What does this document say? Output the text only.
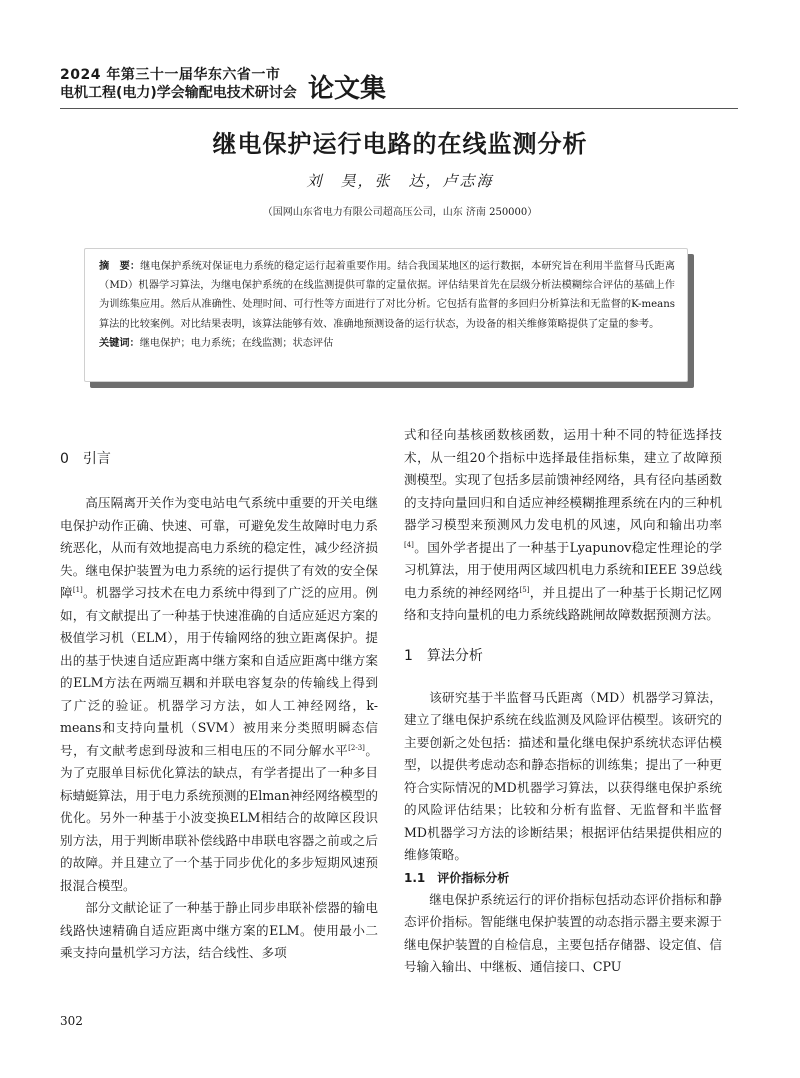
2024 年第三十一届华东六省一市
电机工程(电力)学会输配电技术研讨会 论文集
继电保护运行电路的在线监测分析
刘　昊，张　达，卢志海
（国网山东省电力有限公司超高压公司，山东 济南 250000）

摘　要：继电保护系统对保证电力系统的稳定运行起着重要作用。结合我国某地区的运行数据，本研究旨在利用半监督马氏距离（MD）机器学习算法，为继电保护系统的在线监测提供可靠的定量依据。评估结果首先在层级分析法模糊综合评估的基础上作为训练集应用。然后从准确性、处理时间、可行性等方面进行了对比分析。它包括有监督的多回归分析算法和无监督的K-means算法的比较案例。对比结果表明，该算法能够有效、准确地预测设备的运行状态，为设备的相关维修策略提供了定量的参考。

关键词：继电保护；电力系统；在线监测；状态评估

0　引言

高压隔离开关作为变电站电气系统中重要的开关电继电保护动作正确、快速、可靠，可避免发生故障时电力系统恶化，从而有效地提高电力系统的稳定性，减少经济损失。继电保护装置为电力系统的运行提供了有效的安全保障[1]。机器学习技术在电力系统中得到了广泛的应用。例如，有文献提出了一种基于快速准确的自适应延迟方案的极值学习机（ELM），用于传输网络的独立距离保护。提出的基于快速自适应距离中继方案和自适应距离中继方案的ELM方法在两端互耦和并联电容复杂的传输线上得到了广泛的验证。机器学习方法，如人工神经网络，k-means和支持向量机（SVM）被用来分类照明瞬态信号，有文献考虑到母波和三相电压的不同分解水平[2-3]。为了克服单目标优化算法的缺点，有学者提出了一种多目标蜻蜓算法，用于电力系统预测的Elman神经网络模型的优化。另外一种基于小波变换ELM相结合的故障区段识别方法，用于判断串联补偿线路中串联电容器之前或之后的故障。并且建立了一个基于同步优化的多步短期风速预报混合模型。

部分文献论证了一种基于静止同步串联补偿器的输电线路快速精确自适应距离中继方案的ELM。使用最小二乘支持向量机学习方法，结合线性、多项

式和径向基核函数核函数，运用十种不同的特征选择技术，从一组20个指标中选择最佳指标集，建立了故障预测模型。实现了包括多层前馈神经网络，具有径向基函数的支持向量回归和自适应神经模糊推理系统在内的三种机器学习模型来预测风力发电机的风速，风向和输出功率[4]。国外学者提出了一种基于Lyapunov稳定性理论的学习机算法，用于使用两区域四机电力系统和IEEE 39总线电力系统的神经网络[5]，并且提出了一种基于长期记忆网络和支持向量机的电力系统线路跳闸故障数据预测方法。

1　算法分析

该研究基于半监督马氏距离（MD）机器学习算法，建立了继电保护系统在线监测及风险评估模型。该研究的主要创新之处包括：描述和量化继电保护系统状态评估模型，以提供考虑动态和静态指标的训练集；提出了一种更符合实际情况的MD机器学习算法，以获得继电保护系统的风险评估结果；比较和分析有监督、无监督和半监督MD机器学习方法的诊断结果；根据评估结果提供相应的维修策略。

1.1　评价指标分析

继电保护系统运行的评价指标包括动态评价指标和静态评价指标。智能继电保护装置的动态指示器主要来源于继电保护装置的自检信息，主要包括存储器、设定值、信号输入输出、中继板、通信接口、CPU

302
